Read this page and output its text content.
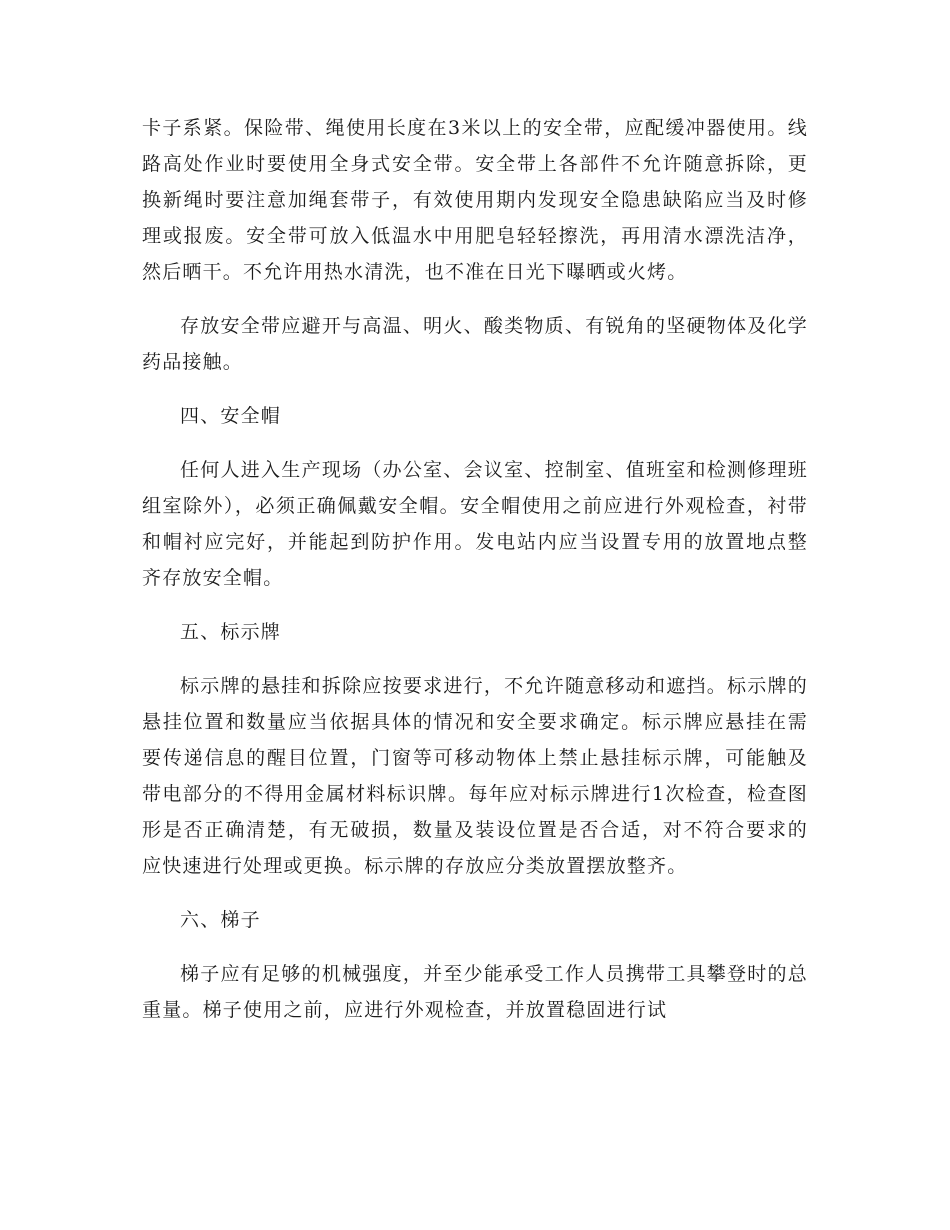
卡子系紧。保险带、绳使用长度在3米以上的安全带，应配缓冲器使用。线路高处作业时要使用全身式安全带。安全带上各部件不允许随意拆除，更换新绳时要注意加绳套带子，有效使用期内发现安全隐患缺陷应当及时修理或报废。安全带可放入低温水中用肥皂轻轻擦洗，再用清水漂洗洁净，然后晒干。不允许用热水清洗，也不准在日光下曝晒或火烤。

存放安全带应避开与高温、明火、酸类物质、有锐角的坚硬物体及化学药品接触。

四、安全帽

任何人进入生产现场（办公室、会议室、控制室、值班室和检测修理班组室除外），必须正确佩戴安全帽。安全帽使用之前应进行外观检查，衬带和帽衬应完好，并能起到防护作用。发电站内应当设置专用的放置地点整齐存放安全帽。

五、标示牌

标示牌的悬挂和拆除应按要求进行，不允许随意移动和遮挡。标示牌的悬挂位置和数量应当依据具体的情况和安全要求确定。标示牌应悬挂在需要传递信息的醒目位置，门窗等可移动物体上禁止悬挂标示牌，可能触及带电部分的不得用金属材料标识牌。每年应对标示牌进行1次检查，检查图形是否正确清楚，有无破损，数量及装设位置是否合适，对不符合要求的应快速进行处理或更换。标示牌的存放应分类放置摆放整齐。

六、梯子

梯子应有足够的机械强度，并至少能承受工作人员携带工具攀登时的总重量。梯子使用之前，应进行外观检查，并放置稳固进行试
